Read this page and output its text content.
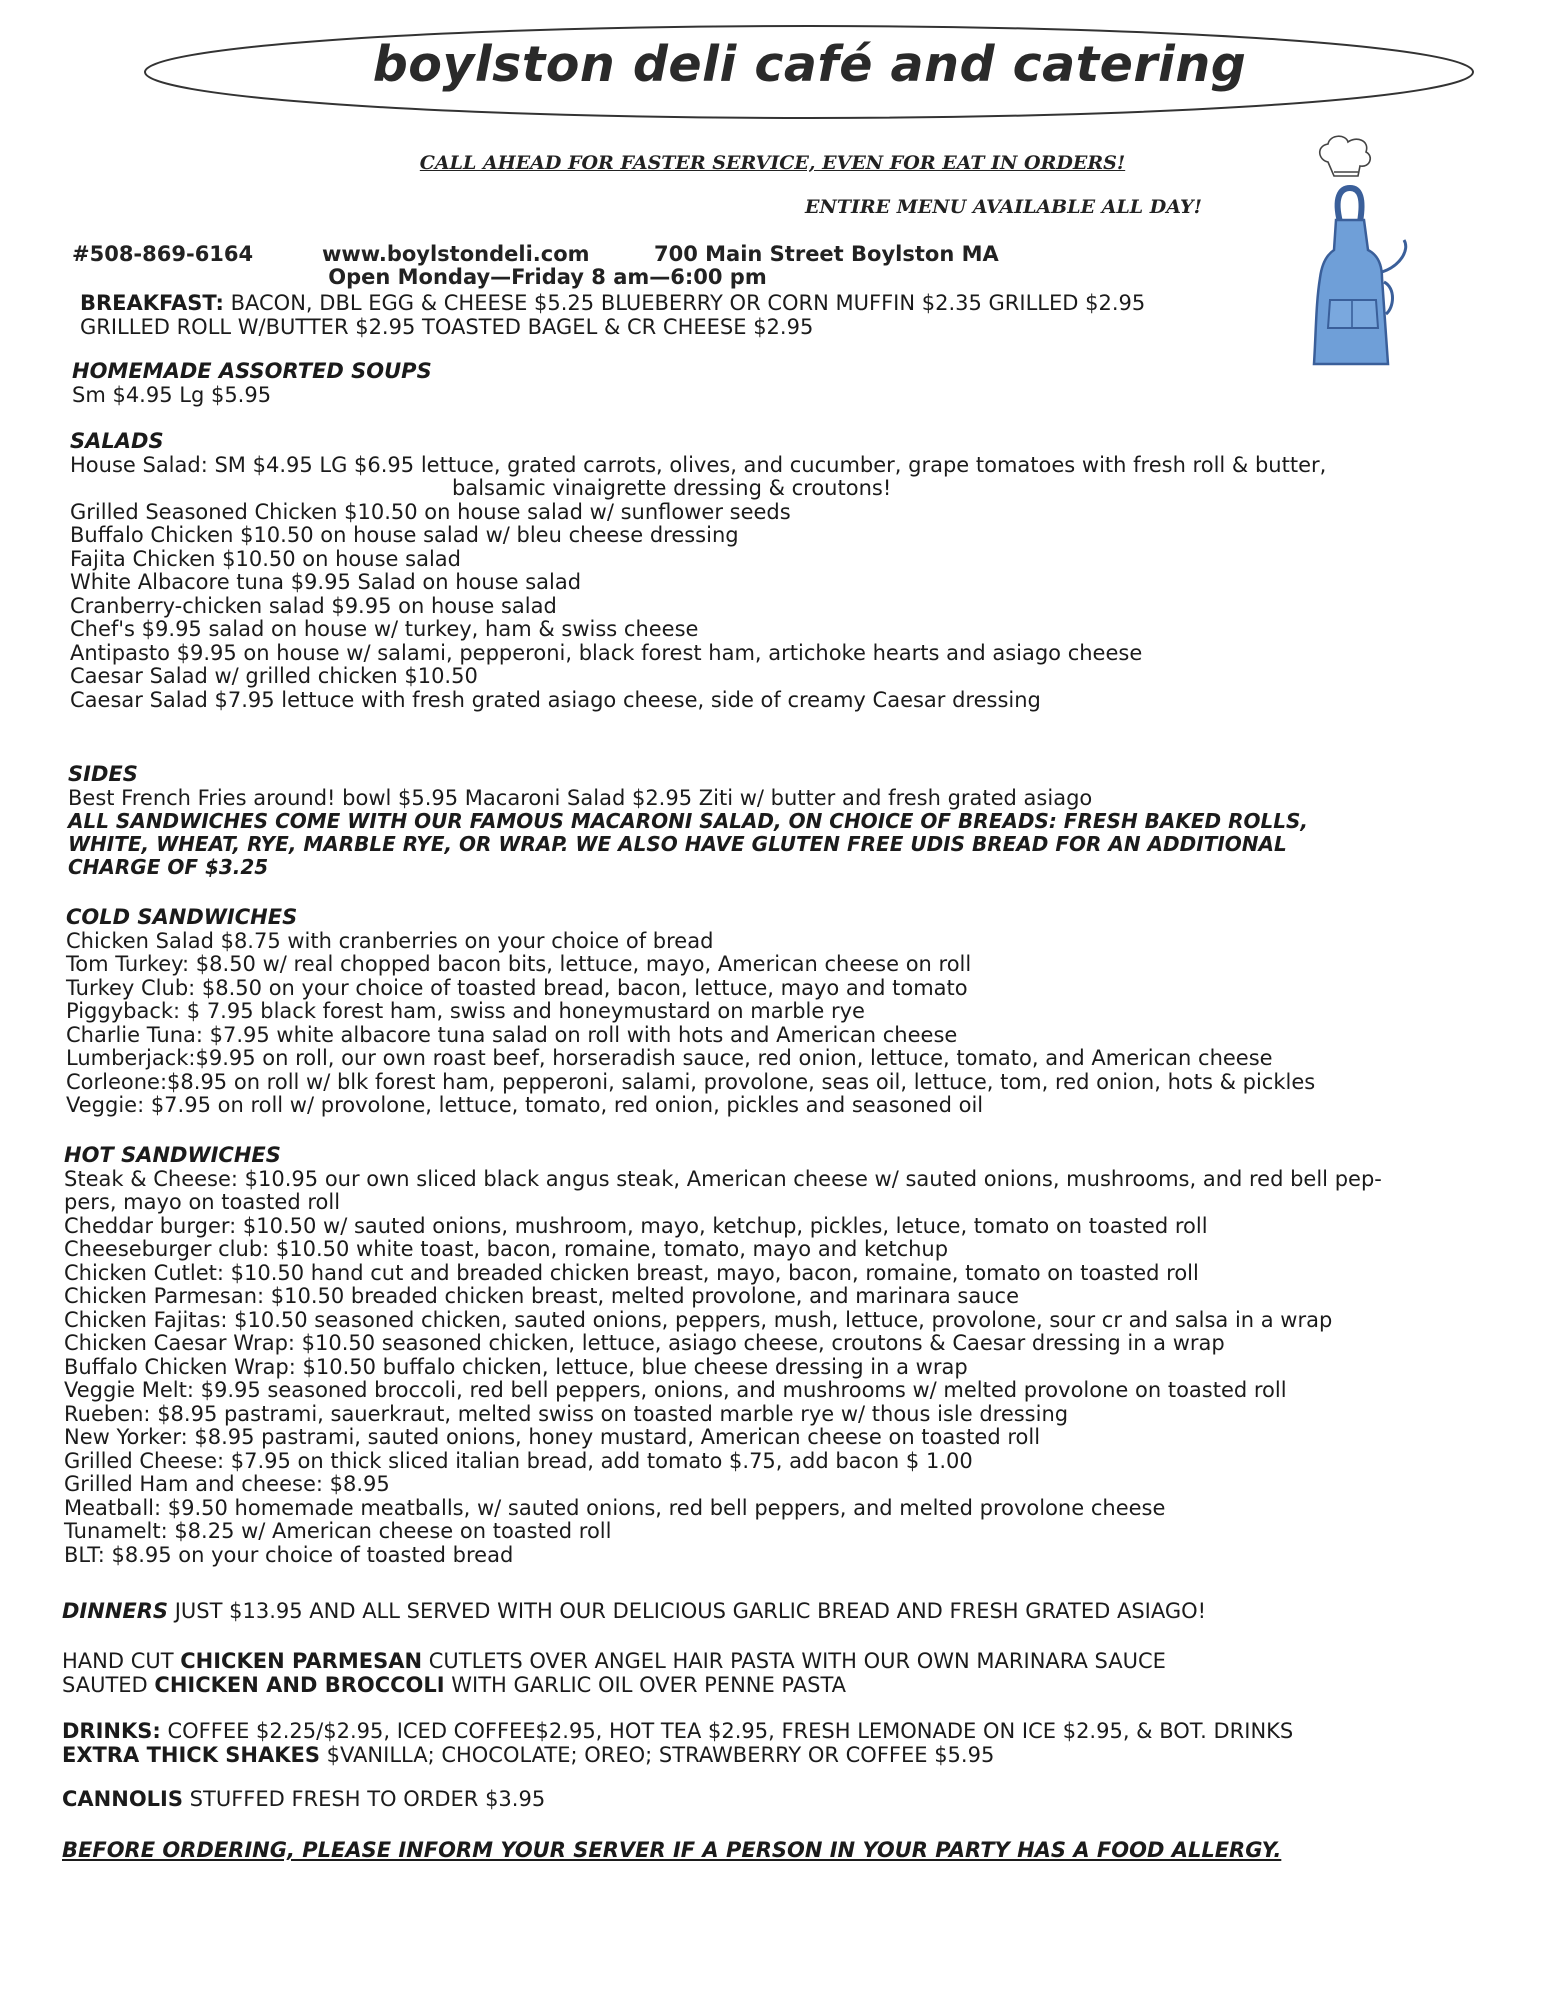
boylston deli café and catering
CALL AHEAD FOR FASTER SERVICE, EVEN FOR EAT IN ORDERS!
ENTIRE MENU AVAILABLE ALL DAY!
#508-869-6164	www.boylstondeli.com	700 Main Street Boylston MA
Open Monday—Friday 8 am—6:00 pm
BREAKFAST: BACON, DBL EGG & CHEESE $5.25 BLUEBERRY OR CORN MUFFIN $2.35 GRILLED $2.95
GRILLED ROLL W/BUTTER $2.95 TOASTED BAGEL & CR CHEESE $2.95
HOMEMADE ASSORTED SOUPS
Sm $4.95 Lg $5.95
SALADS
House Salad: SM $4.95 LG $6.95 lettuce, grated carrots, olives, and cucumber, grape tomatoes with fresh roll & butter,
balsamic vinaigrette dressing & croutons!
Grilled Seasoned Chicken $10.50 on house salad w/ sunflower seeds
Buffalo Chicken $10.50 on house salad w/ bleu cheese dressing
Fajita Chicken $10.50 on house salad
White Albacore tuna $9.95 Salad on house salad
Cranberry-chicken salad $9.95 on house salad
Chef's $9.95 salad on house w/ turkey, ham & swiss cheese
Antipasto $9.95 on house w/ salami, pepperoni, black forest ham, artichoke hearts and asiago cheese
Caesar Salad w/ grilled chicken $10.50
Caesar Salad $7.95 lettuce with fresh grated asiago cheese, side of creamy Caesar dressing
SIDES
Best French Fries around! bowl $5.95 Macaroni Salad $2.95 Ziti w/ butter and fresh grated asiago
ALL SANDWICHES COME WITH OUR FAMOUS MACARONI SALAD, ON CHOICE OF BREADS: FRESH BAKED ROLLS,
WHITE, WHEAT, RYE, MARBLE RYE, OR WRAP. WE ALSO HAVE GLUTEN FREE UDIS BREAD FOR AN ADDITIONAL
CHARGE OF $3.25
COLD SANDWICHES
Chicken Salad $8.75 with cranberries on your choice of bread
Tom Turkey: $8.50 w/ real chopped bacon bits, lettuce, mayo, American cheese on roll
Turkey Club: $8.50 on your choice of toasted bread, bacon, lettuce, mayo and tomato
Piggyback: $ 7.95 black forest ham, swiss and honeymustard on marble rye
Charlie Tuna: $7.95 white albacore tuna salad on roll with hots and American cheese
Lumberjack:$9.95 on roll, our own roast beef, horseradish sauce, red onion, lettuce, tomato, and American cheese
Corleone:$8.95 on roll w/ blk forest ham, pepperoni, salami, provolone, seas oil, lettuce, tom, red onion, hots & pickles
Veggie: $7.95 on roll w/ provolone, lettuce, tomato, red onion, pickles and seasoned oil
HOT SANDWICHES
Steak & Cheese: $10.95 our own sliced black angus steak, American cheese w/ sauted onions, mushrooms, and red bell pep-
pers, mayo on toasted roll
Cheddar burger: $10.50 w/ sauted onions, mushroom, mayo, ketchup, pickles, letuce, tomato on toasted roll
Cheeseburger club: $10.50 white toast, bacon, romaine, tomato, mayo and ketchup
Chicken Cutlet: $10.50 hand cut and breaded chicken breast, mayo, bacon, romaine, tomato on toasted roll
Chicken Parmesan: $10.50 breaded chicken breast, melted provolone, and marinara sauce
Chicken Fajitas: $10.50 seasoned chicken, sauted onions, peppers, mush, lettuce, provolone, sour cr and salsa in a wrap
Chicken Caesar Wrap: $10.50 seasoned chicken, lettuce, asiago cheese, croutons & Caesar dressing in a wrap
Buffalo Chicken Wrap: $10.50 buffalo chicken, lettuce, blue cheese dressing in a wrap
Veggie Melt: $9.95 seasoned broccoli, red bell peppers, onions, and mushrooms w/ melted provolone on toasted roll
Rueben: $8.95 pastrami, sauerkraut, melted swiss on toasted marble rye w/ thous isle dressing
New Yorker: $8.95 pastrami, sauted onions, honey mustard, American cheese on toasted roll
Grilled Cheese: $7.95 on thick sliced italian bread, add tomato $.75, add bacon $ 1.00
Grilled Ham and cheese: $8.95
Meatball: $9.50 homemade meatballs, w/ sauted onions, red bell peppers, and melted provolone cheese
Tunamelt: $8.25 w/ American cheese on toasted roll
BLT: $8.95 on your choice of toasted bread
DINNERS JUST $13.95 AND ALL SERVED WITH OUR DELICIOUS GARLIC BREAD AND FRESH GRATED ASIAGO!
HAND CUT CHICKEN PARMESAN CUTLETS OVER ANGEL HAIR PASTA WITH OUR OWN MARINARA SAUCE
SAUTED CHICKEN AND BROCCOLI WITH GARLIC OIL OVER PENNE PASTA
DRINKS: COFFEE $2.25/$2.95, ICED COFFEE$2.95, HOT TEA $2.95, FRESH LEMONADE ON ICE $2.95, & BOT. DRINKS
EXTRA THICK SHAKES $VANILLA; CHOCOLATE; OREO; STRAWBERRY OR COFFEE $5.95
CANNOLIS STUFFED FRESH TO ORDER $3.95
BEFORE ORDERING, PLEASE INFORM YOUR SERVER IF A PERSON IN YOUR PARTY HAS A FOOD ALLERGY.
